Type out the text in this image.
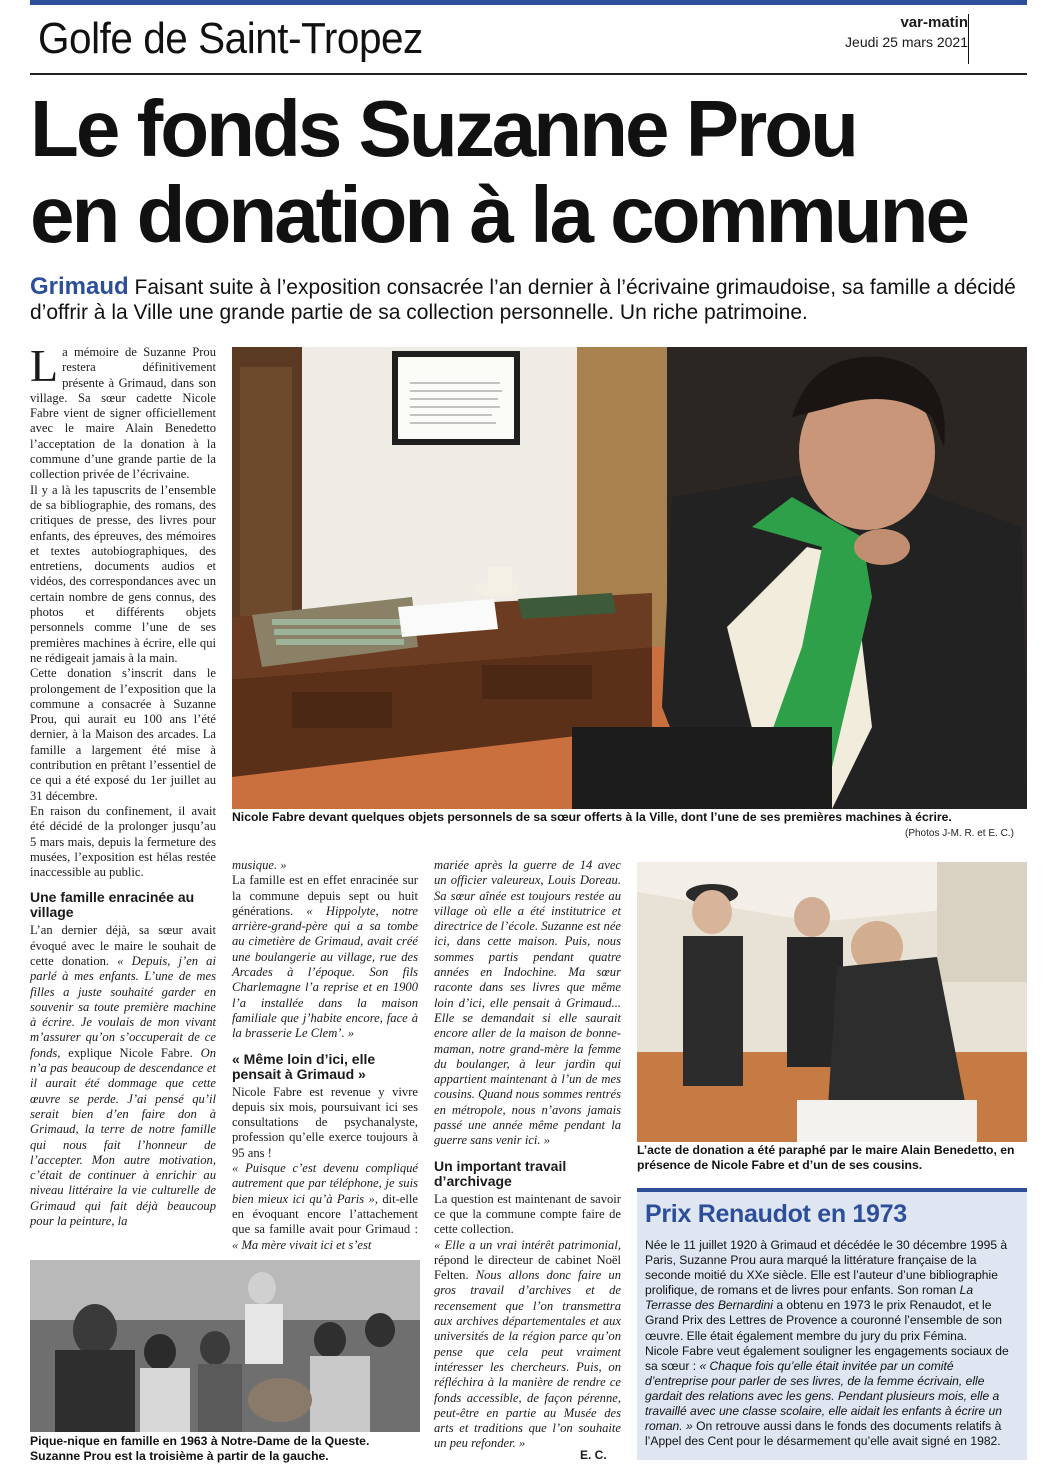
Golfe de Saint-Tropez	var-matin
Jeudi 25 mars 2021
Le fonds Suzanne Prou
en donation à la commune
Grimaud Faisant suite à l’exposition consacrée l’an dernier à l’écrivaine grimaudoise, sa famille a décidé d’offrir à la Ville une grande partie de sa collection personnelle. Un riche patrimoine.

La mémoire de Suzanne Prou restera définitivement présente à Grimaud, dans son village. Sa sœur cadette Nicole Fabre vient de signer officiellement avec le maire Alain Benedetto l’acceptation de la donation à la commune d’une grande partie de la collection privée de l’écrivaine.

Il y a là les tapuscrits de l’ensemble de sa bibliographie, des romans, des critiques de presse, des livres pour enfants, des épreuves, des mémoires et textes autobiographiques, des entretiens, documents audios et vidéos, des correspondances avec un certain nombre de gens connus, des photos et différents objets personnels comme l’une de ses premières machines à écrire, elle qui ne rédigeait jamais à la main.

Cette donation s’inscrit dans le prolongement de l’exposition que la commune a consacrée à Suzanne Prou, qui aurait eu 100 ans l’été dernier, à la Maison des arcades. La famille a largement été mise à contribution en prêtant l’essentiel de ce qui a été exposé du 1er juillet au 31 décembre.

En raison du confinement, il avait été décidé de la prolonger jusqu’au 5 mars mais, depuis la fermeture des musées, l’exposition est hélas restée inaccessible au public.

Une famille enracinée au village

L’an dernier déjà, sa sœur avait évoqué avec le maire le souhait de cette donation. « Depuis, j’en ai parlé à mes enfants. L’une de mes filles a juste souhaité garder en souvenir sa toute première machine à écrire. Je voulais de mon vivant m’assurer qu’on s’occuperait de ce fonds, explique Nicole Fabre. On n’a pas beaucoup de descendance et il aurait été dommage que cette œuvre se perde. J’ai pensé qu’il serait bien d’en faire don à Grimaud, la terre de notre famille qui nous fait l’honneur de l’accepter. Mon autre motivation, c’était de continuer à enrichir au niveau littéraire la vie culturelle de Grimaud qui fait déjà beaucoup pour la peinture, la

Nicole Fabre devant quelques objets personnels de sa sœur offerts à la Ville, dont l’une de ses premières machines à écrire.
(Photos J-M. R. et E. C.)

musique. »

La famille est en effet enracinée sur la commune depuis sept ou huit générations. « Hippolyte, notre arrière-grand-père qui a sa tombe au cimetière de Grimaud, avait créé une boulangerie au village, rue des Arcades à l’époque. Son fils Charlemagne l’a reprise et en 1900 l’a installée dans la maison familiale que j’habite encore, face à la brasserie Le Clem’. »

« Même loin d’ici, elle pensait à Grimaud »

Nicole Fabre est revenue y vivre depuis six mois, poursuivant ici ses consultations de psychanalyste, profession qu’elle exerce toujours à 95 ans !

« Puisque c’est devenu compliqué autrement que par téléphone, je suis bien mieux ici qu’à Paris », dit-elle en évoquant encore l’attachement que sa famille avait pour Grimaud : « Ma mère vivait ici et s’est

mariée après la guerre de 14 avec un officier valeureux, Louis Doreau. Sa sœur aînée est toujours restée au village où elle a été institutrice et directrice de l’école. Suzanne est née ici, dans cette maison. Puis, nous sommes partis pendant quatre années en Indochine. Ma sœur raconte dans ses livres que même loin d’ici, elle pensait à Grimaud... Elle se demandait si elle saurait encore aller de la maison de bonne-maman, notre grand-mère la femme du boulanger, à leur jardin qui appartient maintenant à l’un de mes cousins. Quand nous sommes rentrés en métropole, nous n’avons jamais passé une année même pendant la guerre sans venir ici. »

Un important travail d’archivage

La question est maintenant de savoir ce que la commune compte faire de cette collection.

« Elle a un vrai intérêt patrimonial, répond le directeur de cabinet Noël Felten. Nous allons donc faire un gros travail d’archives et de recensement que l’on transmettra aux archives départementales et aux universités de la région parce qu’on pense que cela peut vraiment intéresser les chercheurs. Puis, on réfléchira à la manière de rendre ce fonds accessible, de façon pérenne, peut-être en partie au Musée des arts et traditions que l’on souhaite un peu refonder. »

E. C.
Pique-nique en famille en 1963 à Notre-Dame de la Queste.
Suzanne Prou est la troisième à partir de la gauche.
L’acte de donation a été paraphé par le maire Alain Benedetto, en présence de Nicole Fabre et d’un de ses cousins.
Prix Renaudot en 1973
Née le 11 juillet 1920 à Grimaud et décédée le 30 décembre 1995 à Paris, Suzanne Prou aura marqué la littérature française de la seconde moitié du XXe siècle. Elle est l’auteur d’une bibliographie prolifique, de romans et de livres pour enfants. Son roman La Terrasse des Bernardini a obtenu en 1973 le prix Renaudot, et le Grand Prix des Lettres de Provence a couronné l’ensemble de son œuvre. Elle était également membre du jury du prix Fémina.
Nicole Fabre veut également souligner les engagements sociaux de sa sœur : « Chaque fois qu’elle était invitée par un comité d’entreprise pour parler de ses livres, de la femme écrivain, elle gardait des relations avec les gens. Pendant plusieurs mois, elle a travaillé avec une classe scolaire, elle aidait les enfants à écrire un roman. » On retrouve aussi dans le fonds des documents relatifs à l’Appel des Cent pour le désarmement qu’elle avait signé en 1982.
